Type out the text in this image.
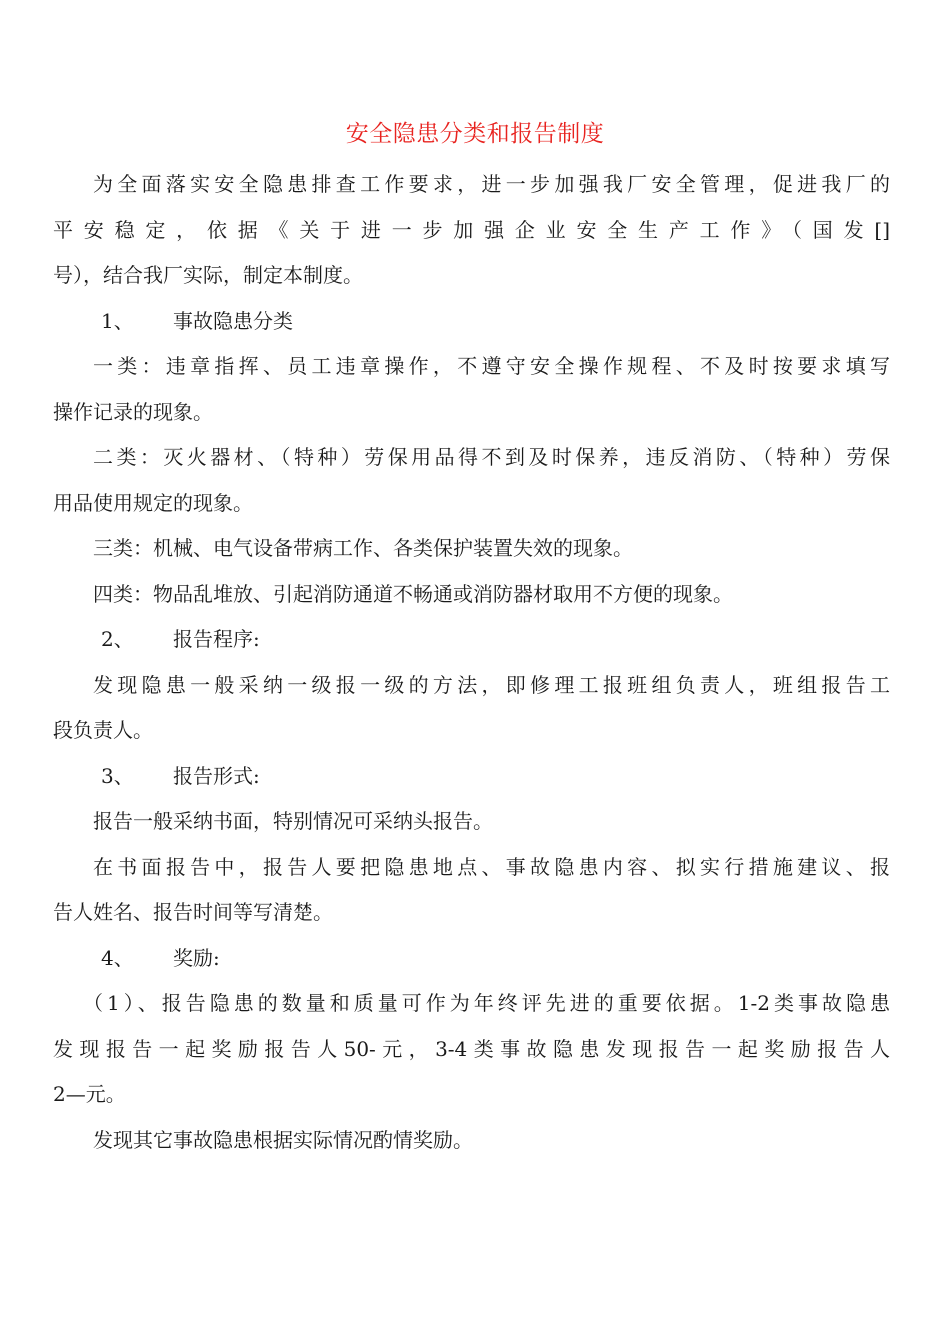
安全隐患分类和报告制度

为全面落实安全隐患排查工作要求，进一步加强我厂安全管理，促进我厂的
平安稳定，依据《关于进一步加强企业安全生产工作》（国发[]
号），结合我厂实际，制定本制度。

1、 事故隐患分类

一类：违章指挥、员工违章操作，不遵守安全操作规程、不及时按要求填写
操作记录的现象。

二类：灭火器材、（特种）劳保用品得不到及时保养，违反消防、（特种）劳保
用品使用规定的现象。

三类：机械、电气设备带病工作、各类保护装置失效的现象。

四类：物品乱堆放、引起消防通道不畅通或消防器材取用不方便的现象。

2、 报告程序:

发现隐患一般采纳一级报一级的方法，即修理工报班组负责人，班组报告工
段负责人。

3、 报告形式:

报告一般采纳书面，特别情况可采纳头报告。

在书面报告中，报告人要把隐患地点、事故隐患内容、拟实行措施建议、报
告人姓名、报告时间等写清楚。

4、 奖励:

（1）、报告隐患的数量和质量可作为年终评先进的重要依据。1-2类事故隐患
发现报告一起奖励报告人50-元，3-4类事故隐患发现报告一起奖励报告人
2—元。

发现其它事故隐患根据实际情况酌情奖励。
